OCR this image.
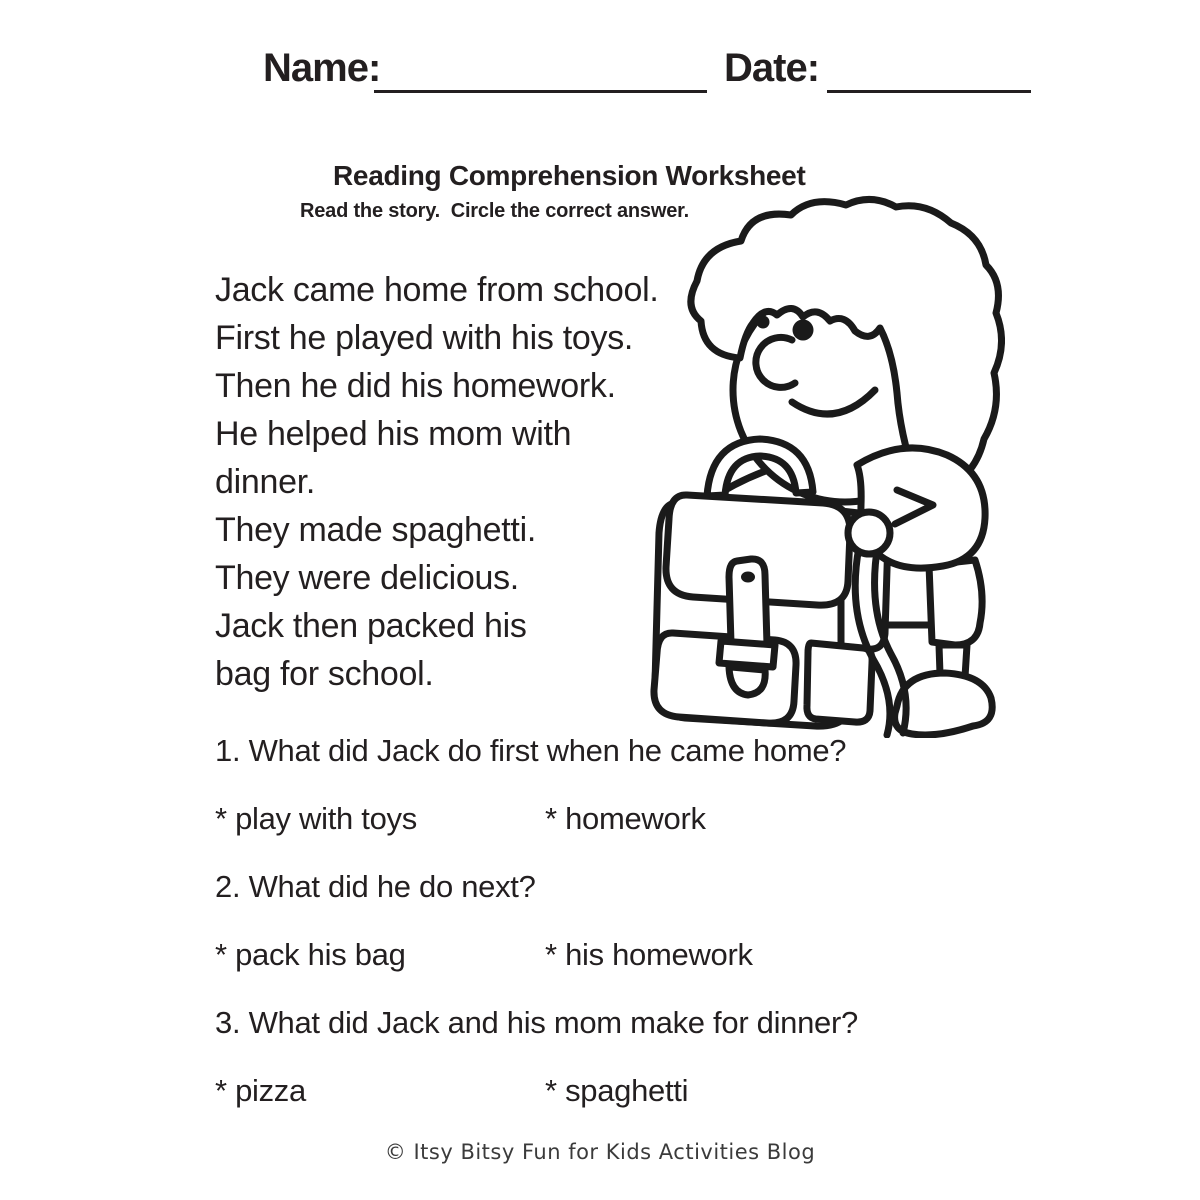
Name:	Date:
Reading Comprehension Worksheet
Read the story.  Circle the correct answer.
Jack came home from school.
First he played with his toys.
Then he did his homework.
He helped his mom with
dinner.
They made spaghetti.
They were delicious.
Jack then packed his
bag for school.
1. What did Jack do first when he came home?
* play with toys	* homework
2. What did he do next?
* pack his bag	* his homework
3. What did Jack and his mom make for dinner?
* pizza	* spaghetti
© Itsy Bitsy Fun for Kids Activities Blog
